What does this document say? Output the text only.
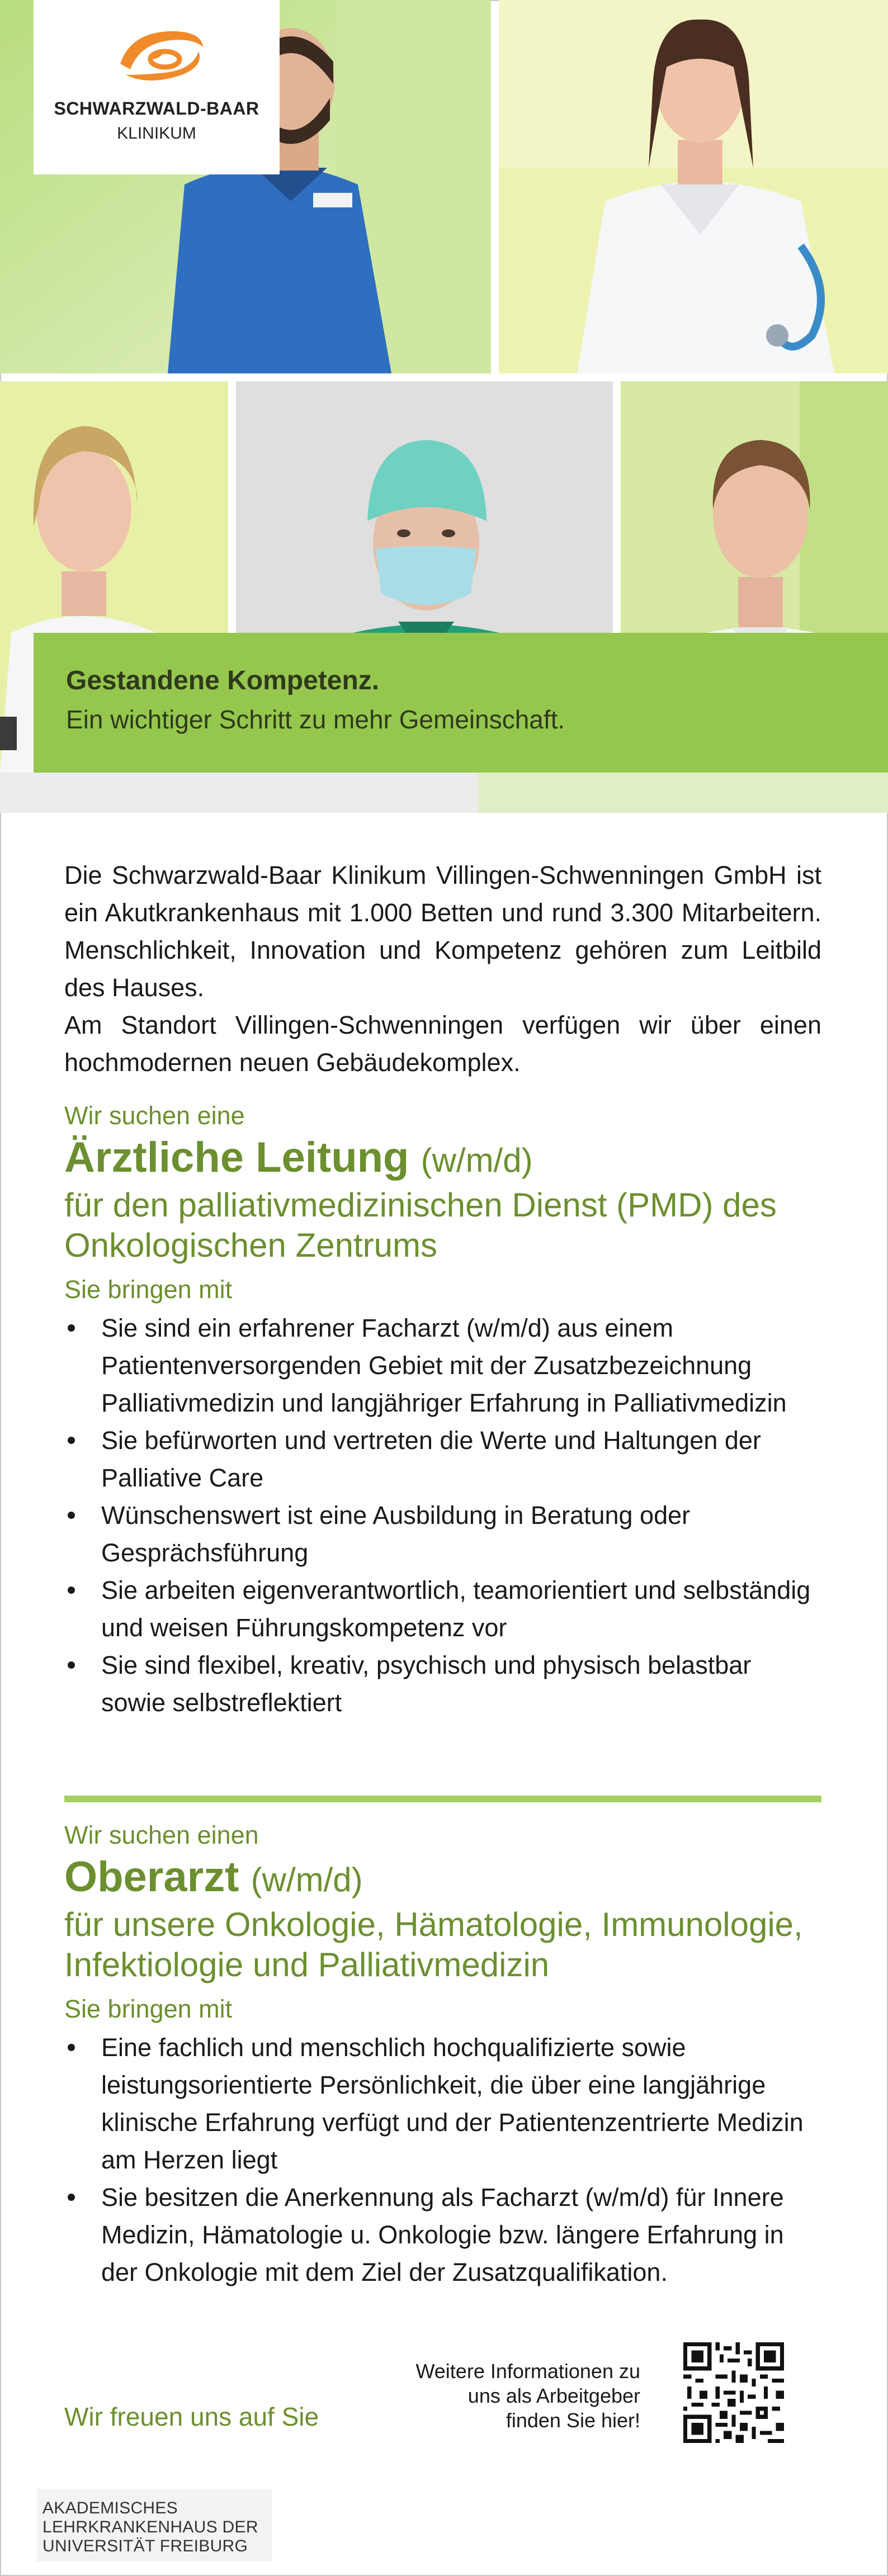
SCHWARZWALD-BAAR
KLINIKUM
Gestandene Kompetenz.
Ein wichtiger Schritt zu mehr Gemeinschaft.

Die Schwarzwald-Baar Klinikum Villingen-Schwenningen GmbH ist ein Akutkrankenhaus mit 1.000 Betten und rund 3.300 Mitarbeitern. Menschlichkeit, Innovation und Kompetenz gehören zum Leitbild des Hauses.

Am Standort Villingen-Schwenningen verfügen wir über einen hochmodernen neuen Gebäudekomplex.

Wir suchen eine
Ärztliche Leitung (w/m/d)
für den palliativmedizinischen Dienst (PMD) des Onkologischen Zentrums
Sie bringen mit
Sie sind ein erfahrener Facharzt (w/m/d) aus einem Patientenversorgenden Gebiet mit der Zusatzbezeichnung Palliativmedizin und langjähriger Erfahrung in Palliativmedizin
Sie befürworten und vertreten die Werte und Haltungen der Palliative Care
Wünschenswert ist eine Ausbildung in Beratung oder Gesprächsführung
Sie arbeiten eigenverantwortlich, teamorientiert und selbständig und weisen Führungskompetenz vor
Sie sind flexibel, kreativ, psychisch und physisch belastbar sowie selbstreflektiert
Wir suchen einen
Oberarzt (w/m/d)
für unsere Onkologie, Hämatologie, Immunologie, Infektiologie und Palliativmedizin
Sie bringen mit
Eine fachlich und menschlich hochqualifizierte sowie leistungsorientierte Persönlichkeit, die über eine langjährige klinische Erfahrung verfügt und der Patientenzentrierte Medizin am Herzen liegt
Sie besitzen die Anerkennung als Facharzt (w/m/d) für Innere Medizin, Hämatologie u. Onkologie bzw. längere Erfahrung in der Onkologie mit dem Ziel der Zusatzqualifikation.
Wir freuen uns auf Sie
Weitere Informationen zu
uns als Arbeitgeber
finden Sie hier!
AKADEMISCHES
LEHRKRANKENHAUS DER
UNIVERSITÄT FREIBURG
